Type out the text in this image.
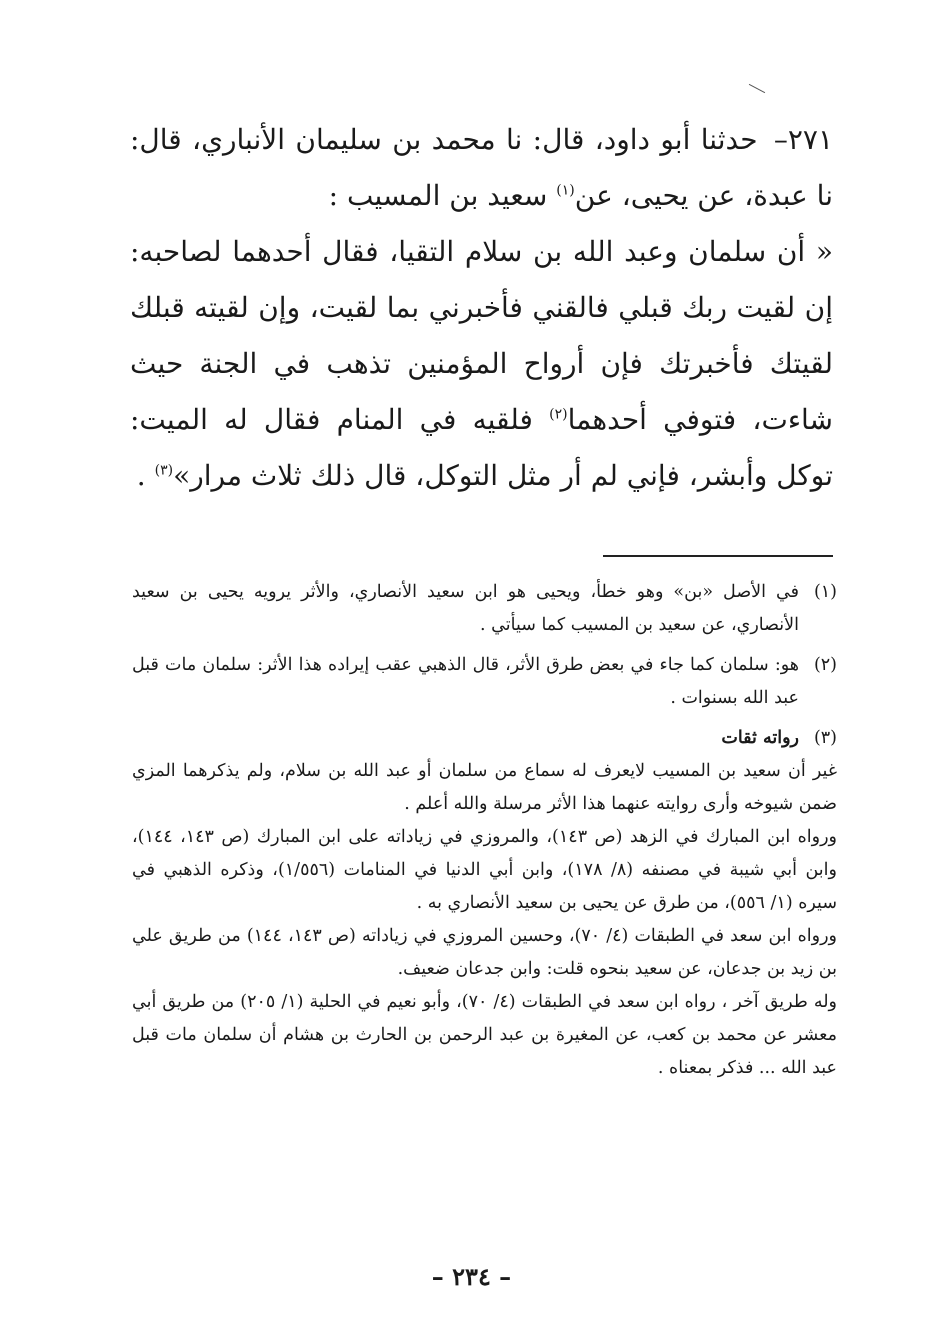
٢٧١– حدثنا أبو داود، قال: نا محمد بن سليمان الأنباري، قال: نا عبدة، عن يحيى، عن$^{(١)}$ سعيد بن المسيب :

« أن سلمان وعبد الله بن سلام التقيا، فقال أحدهما لصاحبه: إن لقيت ربك قبلي فالقني فأخبرني بما لقيت، وإن لقيته قبلك لقيتك فأخبرتك فإن أرواح المؤمنين تذهب في الجنة حيث شاءت، فتوفي أحدهما$^{(٢)}$ فلقيه في المنام فقال له الميت: توكل وأبشر، فإني لم أر مثل التوكل، قال ذلك ثلاث مرار»$^{(٣)}$ .

(١)
في الأصل «بن» وهو خطأ، ويحيى هو ابن سعيد الأنصاري، والأثر يرويه يحيى بن سعيد الأنصاري، عن سعيد بن المسيب كما سيأتي .
(٢)
هو: سلمان كما جاء في بعض طرق الأثر، قال الذهبي عقب إيراده هذا الأثر: سلمان مات قبل عبد الله بسنوات .
(٣)
رواته ثقات

غير أن سعيد بن المسيب لايعرف له سماع من سلمان أو عبد الله بن سلام، ولم يذكرهما المزي ضمن شيوخه وأرى روايته عنهما هذا الأثر مرسلة والله أعلم .

ورواه ابن المبارك في الزهد (ص ١٤٣)، والمروزي في زياداته على ابن المبارك (ص ١٤٣، ١٤٤)، وابن أبي شيبة في مصنفه (٨/ ١٧٨)، وابن أبي الدنيا في المنامات (١/٥٥٦)، وذكره الذهبي في سيره (١/ ٥٥٦)، من طرق عن يحيى بن سعيد الأنصاري به .

ورواه ابن سعد في الطبقات (٤/ ٧٠)، وحسين المروزي في زياداته (ص ١٤٣، ١٤٤) من طريق علي بن زيد بن جدعان، عن سعيد بنحوه قلت: وابن جدعان ضعيف.

وله طريق آخر ، رواه ابن سعد في الطبقات (٤/ ٧٠)، وأبو نعيم في الحلية (١/ ٢٠٥) من طريق أبي معشر عن محمد بن كعب، عن المغيرة بن عبد الرحمن بن الحارث بن هشام أن سلمان مات قبل عبد الله ... فذكر بمعناه .

– ٢٣٤ –
